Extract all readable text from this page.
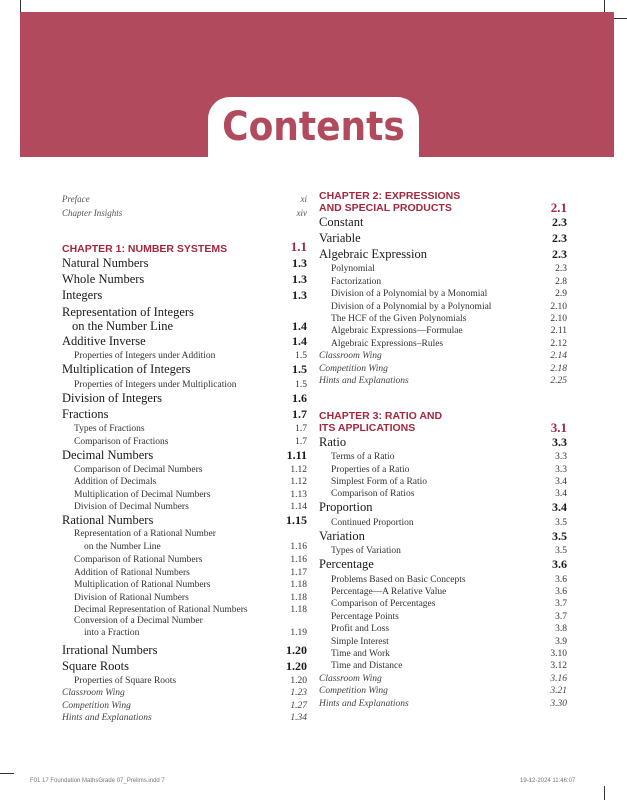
Contents
Preface	xi
Chapter Insights	xiv
CHAPTER 1: NUMBER SYSTEMS	1.1
Natural Numbers	1.3
Whole Numbers	1.3
Integers	1.3
Representation of Integers
on the Number Line	1.4
Additive Inverse	1.4
Properties of Integers under Addition	1.5
Multiplication of Integers	1.5
Properties of Integers under Multiplication	1.5
Division of Integers	1.6
Fractions	1.7
Types of Fractions	1.7
Comparison of Fractions	1.7
Decimal Numbers	1.11
Comparison of Decimal Numbers	1.12
Addition of Decimals	1.12
Multiplication of Decimal Numbers	1.13
Division of Decimal Numbers	1.14
Rational Numbers	1.15
Representation of a Rational Number
on the Number Line	1.16
Comparison of Rational Numbers	1.16
Addition of Rational Numbers	1.17
Multiplication of Rational Numbers	1.18
Division of Rational Numbers	1.18
Decimal Representation of Rational Numbers	1.18
Conversion of a Decimal Number
into a Fraction	1.19
Irrational Numbers	1.20
Square Roots	1.20
Properties of Square Roots	1.20
Classroom Wing	1.23
Competition Wing	1.27
Hints and Explanations	1.34
CHAPTER 2: EXPRESSIONS
AND SPECIAL PRODUCTS	2.1
Constant	2.3
Variable	2.3
Algebraic Expression	2.3
Polynomial	2.3
Factorization	2.8
Division of a Polynomial by a Monomial	2.9
Division of a Polynomial by a Polynomial	2.10
The HCF of the Given Polynomials	2.10
Algebraic Expressions—Formulae	2.11
Algebraic Expressions–Rules	2.12
Classroom Wing	2.14
Competition Wing	2.18
Hints and Explanations	2.25
CHAPTER 3: RATIO AND
ITS APPLICATIONS	3.1
Ratio	3.3
Terms of a Ratio	3.3
Properties of a Ratio	3.3
Simplest Form of a Ratio	3.4
Comparison of Ratios	3.4
Proportion	3.4
Continued Proportion	3.5
Variation	3.5
Types of Variation	3.5
Percentage	3.6
Problems Based on Basic Concepts	3.6
Percentage—A Relative Value	3.6
Comparison of Percentages	3.7
Percentage Points	3.7
Profit and Loss	3.8
Simple Interest	3.9
Time and Work	3.10
Time and Distance	3.12
Classroom Wing	3.16
Competition Wing	3.21
Hints and Explanations	3.30
F01 17 Foundation MathsGrade 07_Prelims.indd 7	19-12-2024 11:46:07
